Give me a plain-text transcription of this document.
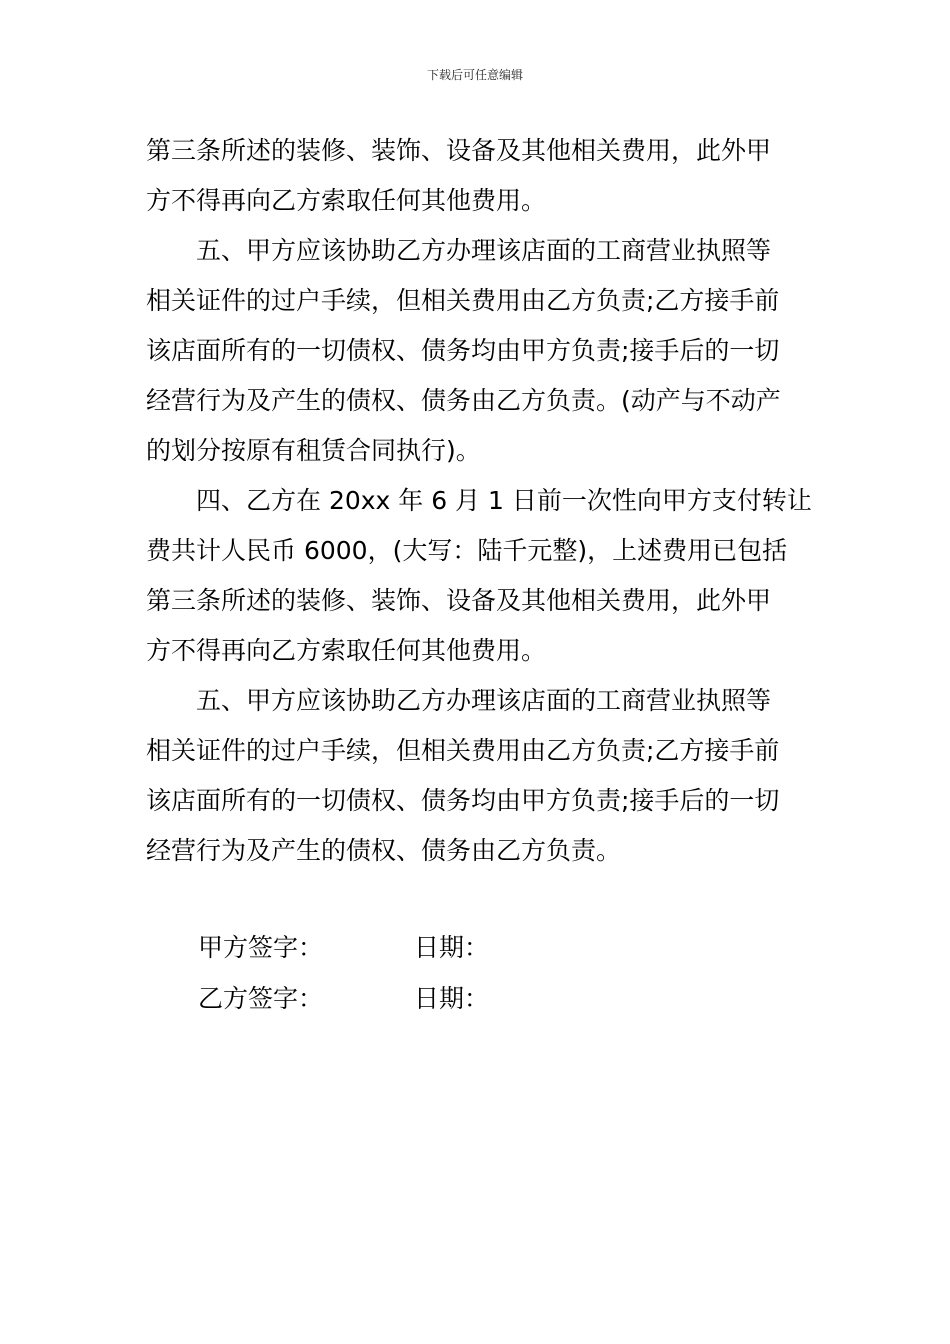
下载后可任意编辑
第三条所述的装修、装饰、设备及其他相关费用，此外甲
方不得再向乙方索取任何其他费用。
　　五、甲方应该协助乙方办理该店面的工商营业执照等
相关证件的过户手续，但相关费用由乙方负责;乙方接手前
该店面所有的一切债权、债务均由甲方负责;接手后的一切
经营行为及产生的债权、债务由乙方负责。(动产与不动产
的划分按原有租赁合同执行)。
　　四、乙方在 20xx 年 6 月 1 日前一次性向甲方支付转让
费共计人民币 6000，(大写：陆千元整)，上述费用已包括
第三条所述的装修、装饰、设备及其他相关费用，此外甲
方不得再向乙方索取任何其他费用。
　　五、甲方应该协助乙方办理该店面的工商营业执照等
相关证件的过户手续，但相关费用由乙方负责;乙方接手前
该店面所有的一切债权、债务均由甲方负责;接手后的一切
经营行为及产生的债权、债务由乙方负责。
甲方签字：	日期：
乙方签字：	日期：
